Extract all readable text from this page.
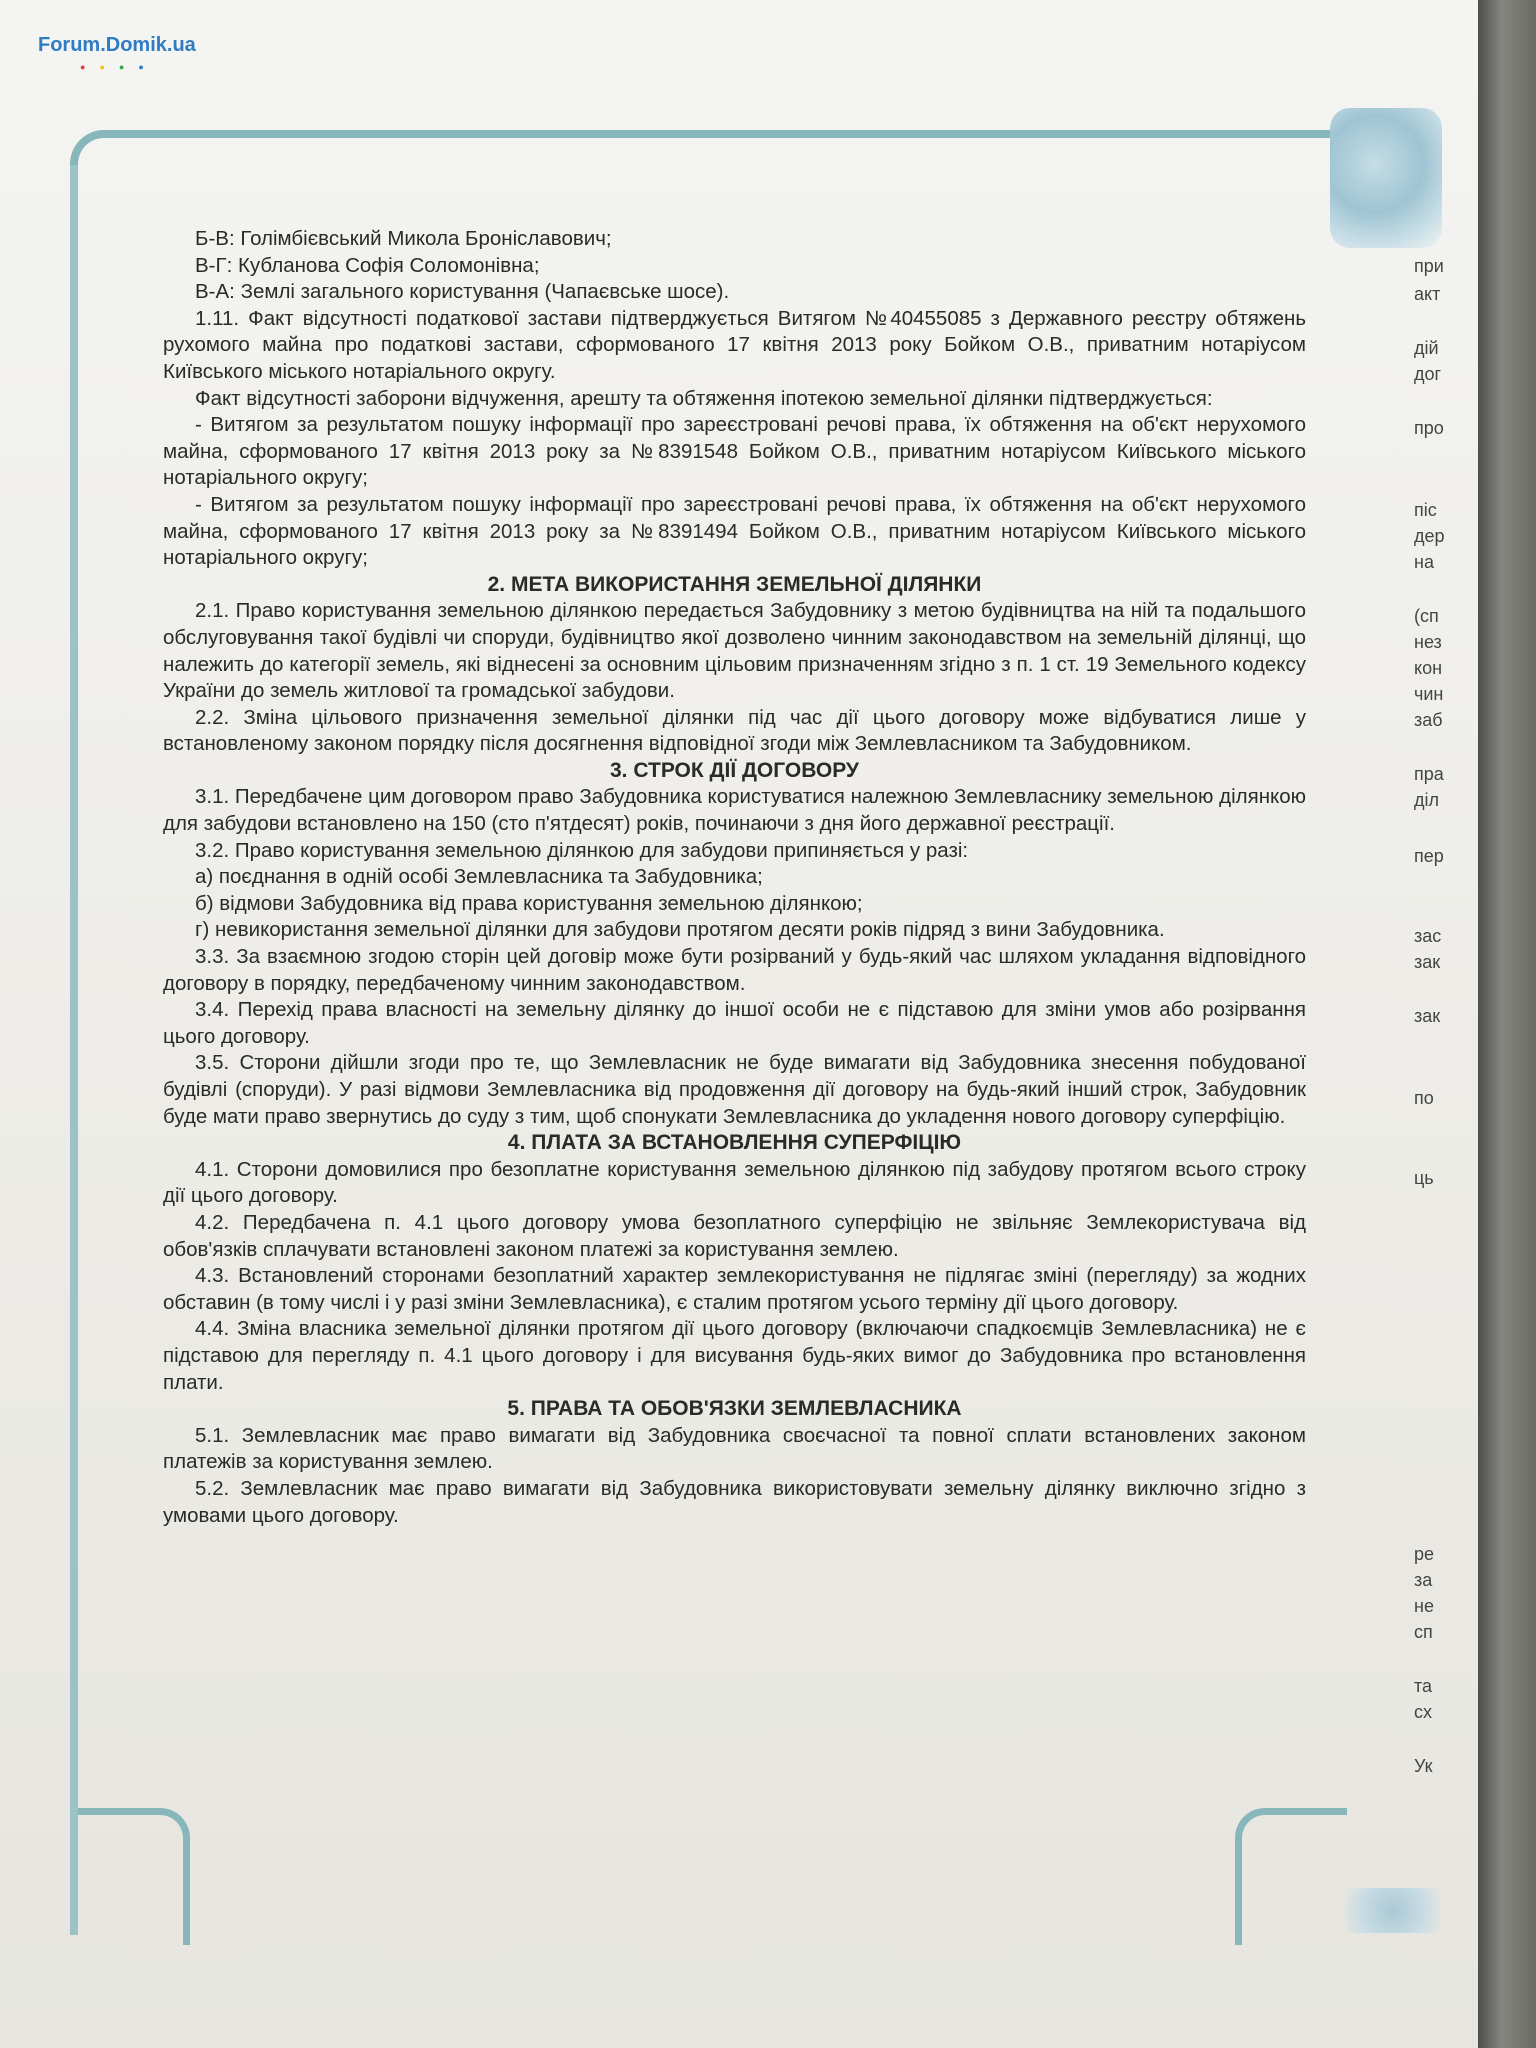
Forum.Domik.ua
●●●●

Б-В: Голімбієвський Микола Броніславович;

В-Г: Кубланова Софія Соломонівна;

В-А: Землі загального користування (Чапаєвське шосе).

1.11. Факт відсутності податкової застави підтверджується Витягом №40455085 з Державного реєстру обтяжень рухомого майна про податкові застави, сформованого 17 квітня 2013 року Бойком О.В., приватним нотаріусом Київського міського нотаріального округу.

Факт відсутності заборони відчуження, арешту та обтяження іпотекою земельної ділянки підтверджується:

- Витягом за результатом пошуку інформації про зареєстровані речові права, їх обтяження на об'єкт нерухомого майна, сформованого 17 квітня 2013 року за №8391548 Бойком О.В., приватним нотаріусом Київського міського нотаріального округу;

- Витягом за результатом пошуку інформації про зареєстровані речові права, їх обтяження на об'єкт нерухомого майна, сформованого 17 квітня 2013 року за №8391494 Бойком О.В., приватним нотаріусом Київського міського нотаріального округу;

2. МЕТА ВИКОРИСТАННЯ ЗЕМЕЛЬНОЇ ДІЛЯНКИ

2.1. Право користування земельною ділянкою передається Забудовнику з метою будівництва на ній та подальшого обслуговування такої будівлі чи споруди, будівництво якої дозволено чинним законодавством на земельній ділянці, що належить до категорії земель, які віднесені за основним цільовим призначенням згідно з п. 1 ст. 19 Земельного кодексу України до земель житлової та громадської забудови.

2.2. Зміна цільового призначення земельної ділянки під час дії цього договору може відбуватися лише у встановленому законом порядку після досягнення відповідної згоди між Землевласником та Забудовником.

3. СТРОК ДІЇ ДОГОВОРУ

3.1. Передбачене цим договором право Забудовника користуватися належною Землевласнику земельною ділянкою для забудови встановлено на 150 (сто п'ятдесят) років, починаючи з дня його державної реєстрації.

3.2. Право користування земельною ділянкою для забудови припиняється у разі:

а) поєднання в одній особі Землевласника та Забудовника;

б) відмови Забудовника від права користування земельною ділянкою;

г) невикористання земельної ділянки для забудови протягом десяти років підряд з вини Забудовника.

3.3. За взаємною згодою сторін цей договір може бути розірваний у будь-який час шляхом укладання відповідного договору в порядку, передбаченому чинним законодавством.

3.4. Перехід права власності на земельну ділянку до іншої особи не є підставою для зміни умов або розірвання цього договору.

3.5. Сторони дійшли згоди про те, що Землевласник не буде вимагати від Забудовника знесення побудованої будівлі (споруди). У разі відмови Землевласника від продовження дії договору на будь-який інший строк, Забудовник буде мати право звернутись до суду з тим, щоб спонукати Землевласника до укладення нового договору суперфіцію.

4. ПЛАТА ЗА ВСТАНОВЛЕННЯ СУПЕРФІЦІЮ

4.1. Сторони домовилися про безоплатне користування земельною ділянкою під забудову протягом всього строку дії цього договору.

4.2. Передбачена п. 4.1 цього договору умова безоплатного суперфіцію не звільняє Землекористувача від обов'язків сплачувати встановлені законом платежі за користування землею.

4.3. Встановлений сторонами безоплатний характер землекористування не підлягає зміні (перегляду) за жодних обставин (в тому числі і у разі зміни Землевласника), є сталим протягом усього терміну дії цього договору.

4.4. Зміна власника земельної ділянки протягом дії цього договору (включаючи спадкоємців Землевласника) не є підставою для перегляду п. 4.1 цього договору і для висування будь-яких вимог до Забудовника про встановлення плати.

5. ПРАВА ТА ОБОВ'ЯЗКИ ЗЕМЛЕВЛАСНИКА

5.1. Землевласник має право вимагати від Забудовника своєчасної та повної сплати встановлених законом платежів за користування землею.

5.2. Землевласник має право вимагати від Забудовника використовувати земельну ділянку виключно згідно з умовами цього договору.

при
акт
дій
дог
про
піс
дер
на
(сп
нез
кон
чин
заб
пра
діл
пер
зас
зак
зак
по
ць
ре
за
не
сп
та
сх
Ук
